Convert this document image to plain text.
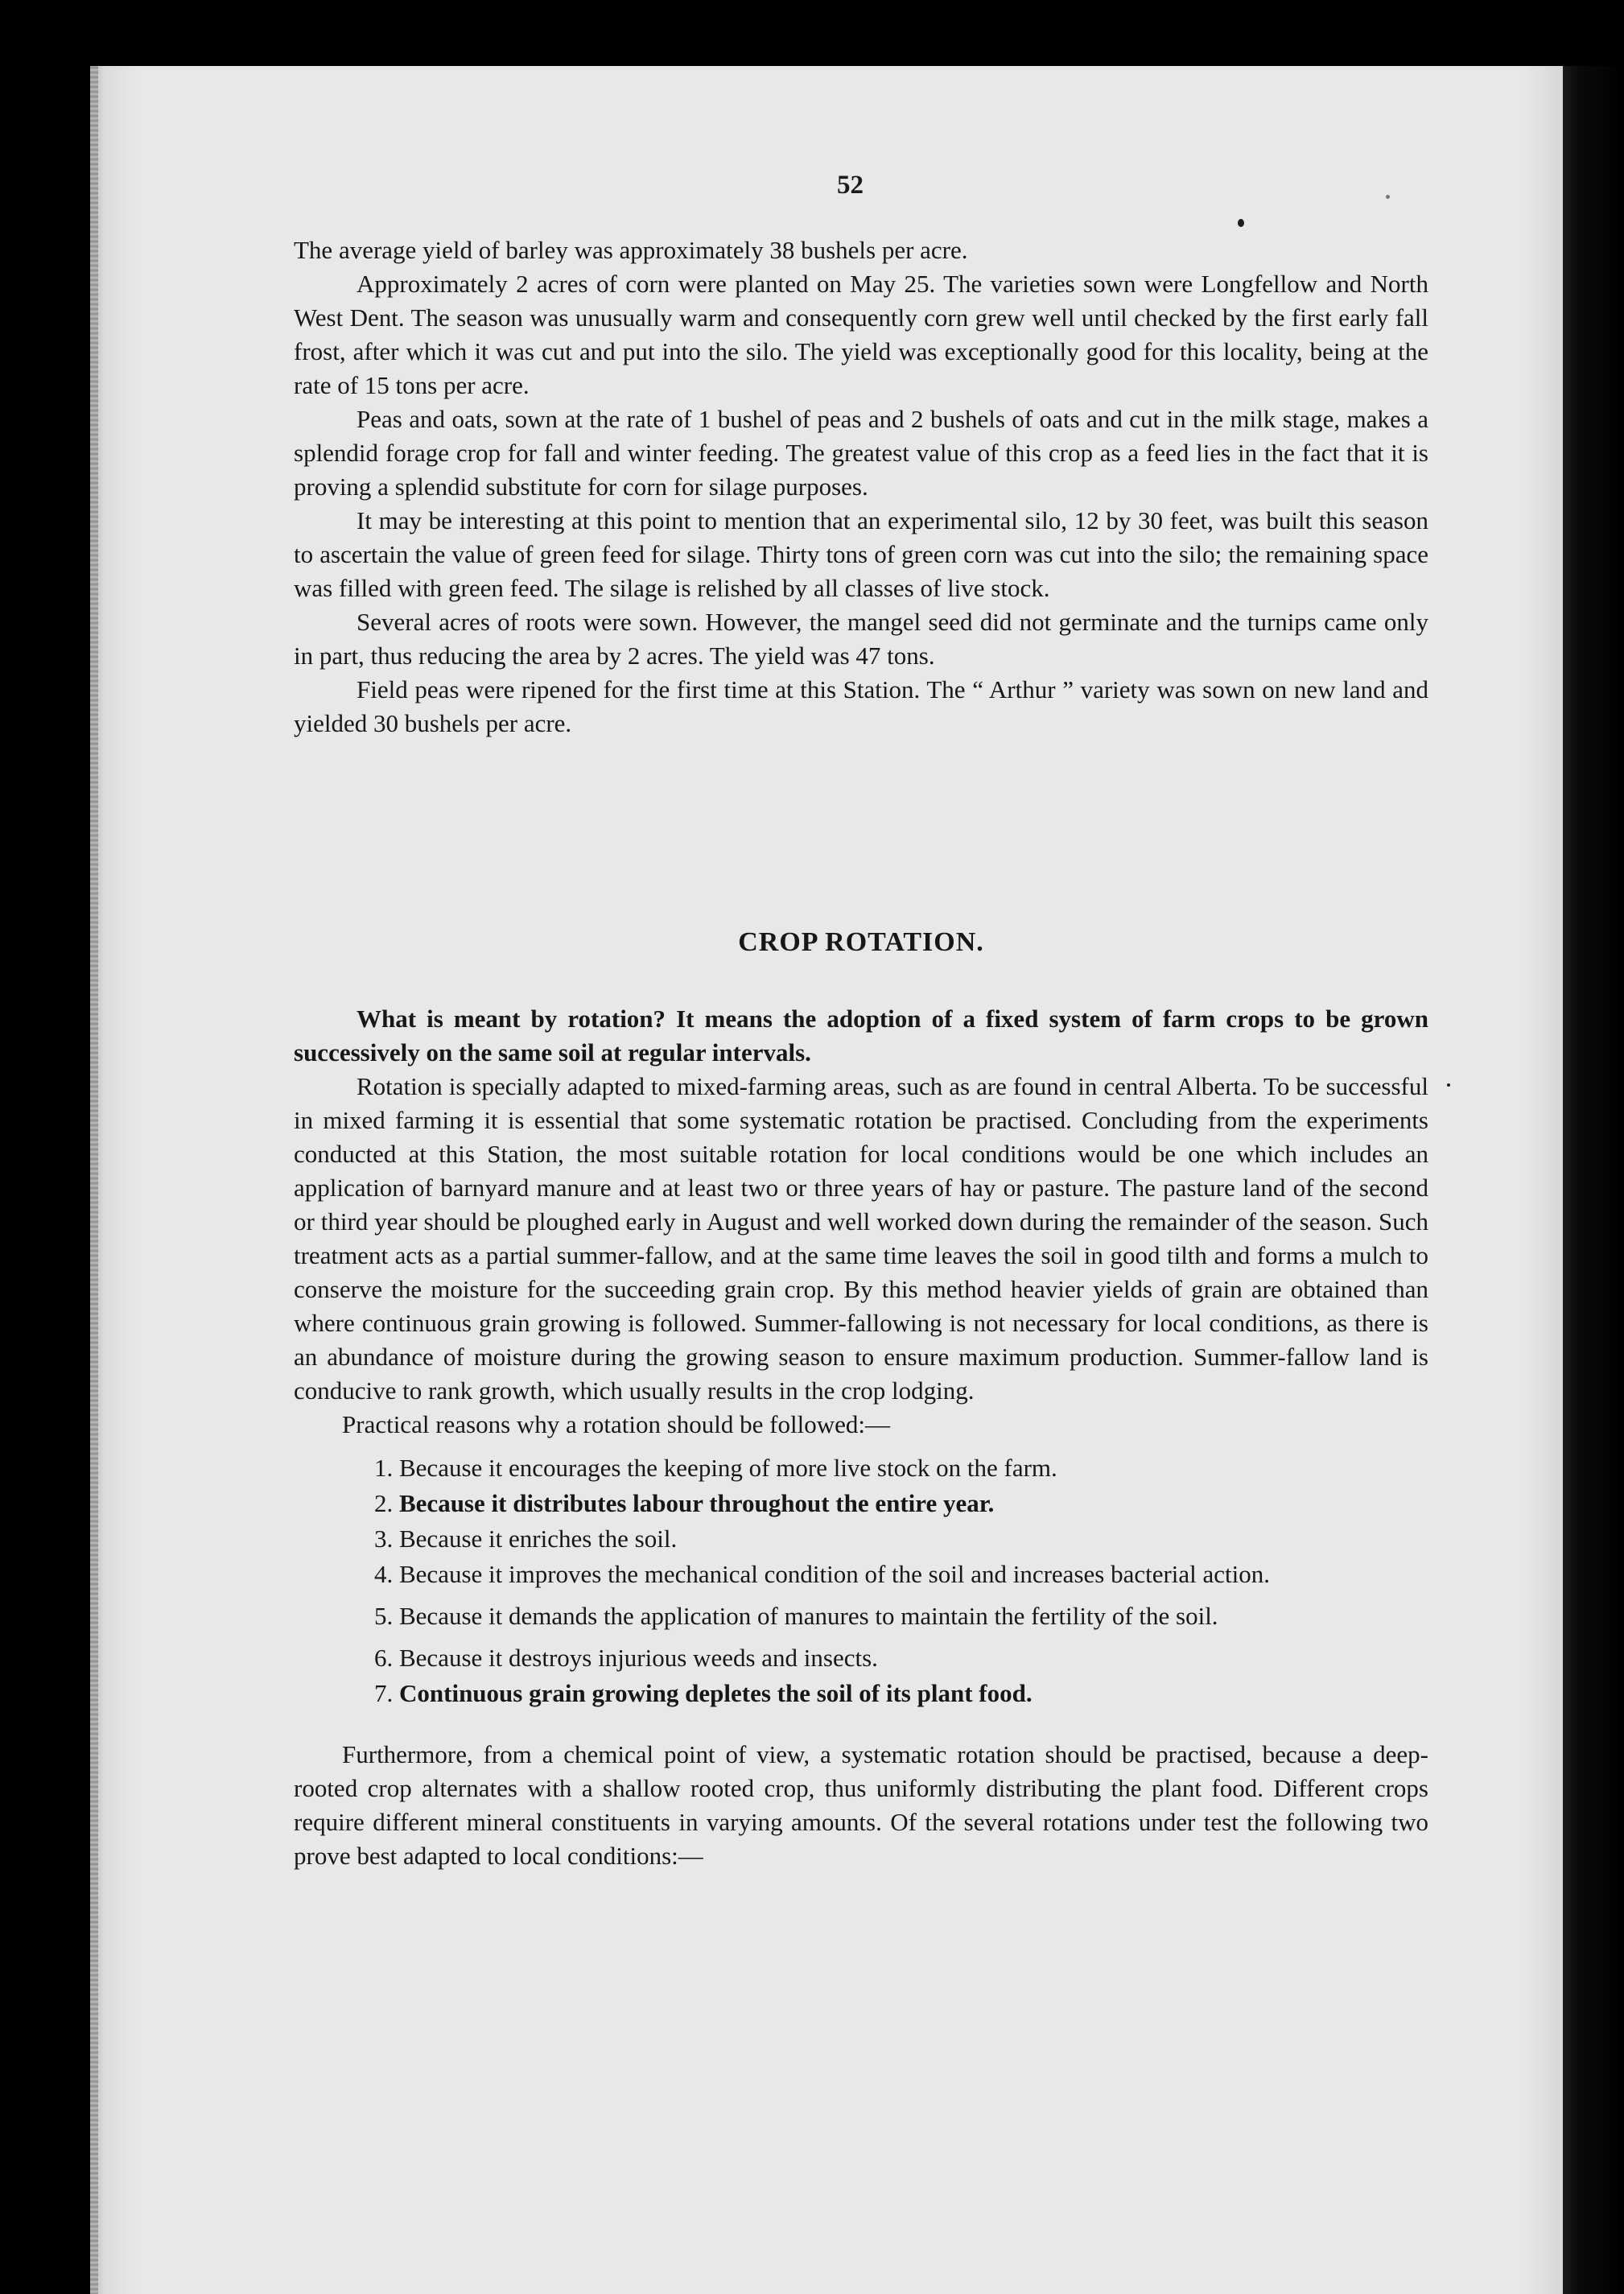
52

The average yield of barley was approximately 38 bushels per acre.

Approximately 2 acres of corn were planted on May 25. The varieties sown were Longfellow and North West Dent. The season was unusually warm and consequently corn grew well until checked by the first early fall frost, after which it was cut and put into the silo. The yield was exceptionally good for this locality, being at the rate of 15 tons per acre.

Peas and oats, sown at the rate of 1 bushel of peas and 2 bushels of oats and cut in the milk stage, makes a splendid forage crop for fall and winter feeding. The greatest value of this crop as a feed lies in the fact that it is proving a splendid substitute for corn for silage purposes.

It may be interesting at this point to mention that an experimental silo, 12 by 30 feet, was built this season to ascertain the value of green feed for silage. Thirty tons of green corn was cut into the silo; the remaining space was filled with green feed. The silage is relished by all classes of live stock.

Several acres of roots were sown. However, the mangel seed did not germinate and the turnips came only in part, thus reducing the area by 2 acres. The yield was 47 tons.

Field peas were ripened for the first time at this Station. The “ Arthur ” variety was sown on new land and yielded 30 bushels per acre.

CROP ROTATION.

What is meant by rotation? It means the adoption of a fixed system of farm crops to be grown successively on the same soil at regular intervals.

Rotation is specially adapted to mixed-farming areas, such as are found in central Alberta. To be successful in mixed farming it is essential that some systematic rotation be practised. Concluding from the experiments conducted at this Station, the most suitable rotation for local conditions would be one which includes an application of barnyard manure and at least two or three years of hay or pasture. The pasture land of the second or third year should be ploughed early in August and well worked down during the remainder of the season. Such treatment acts as a partial summer-fallow, and at the same time leaves the soil in good tilth and forms a mulch to conserve the moisture for the succeeding grain crop. By this method heavier yields of grain are obtained than where continuous grain growing is followed. Summer-fallowing is not necessary for local conditions, as there is an abundance of moisture during the growing season to ensure maximum production. Summer-fallow land is conducive to rank growth, which usually results in the crop lodging.

Practical reasons why a rotation should be followed:—

1. Because it encourages the keeping of more live stock on the farm.
2. Because it distributes labour throughout the entire year.
3. Because it enriches the soil.
4. Because it improves the mechanical condition of the soil and increases bacterial action.
5. Because it demands the application of manures to maintain the fertility of the soil.
6. Because it destroys injurious weeds and insects.
7. Continuous grain growing depletes the soil of its plant food.

Furthermore, from a chemical point of view, a systematic rotation should be practised, because a deep-rooted crop alternates with a shallow rooted crop, thus uniformly distributing the plant food. Different crops require different mineral constituents in varying amounts. Of the several rotations under test the following two prove best adapted to local conditions:—
